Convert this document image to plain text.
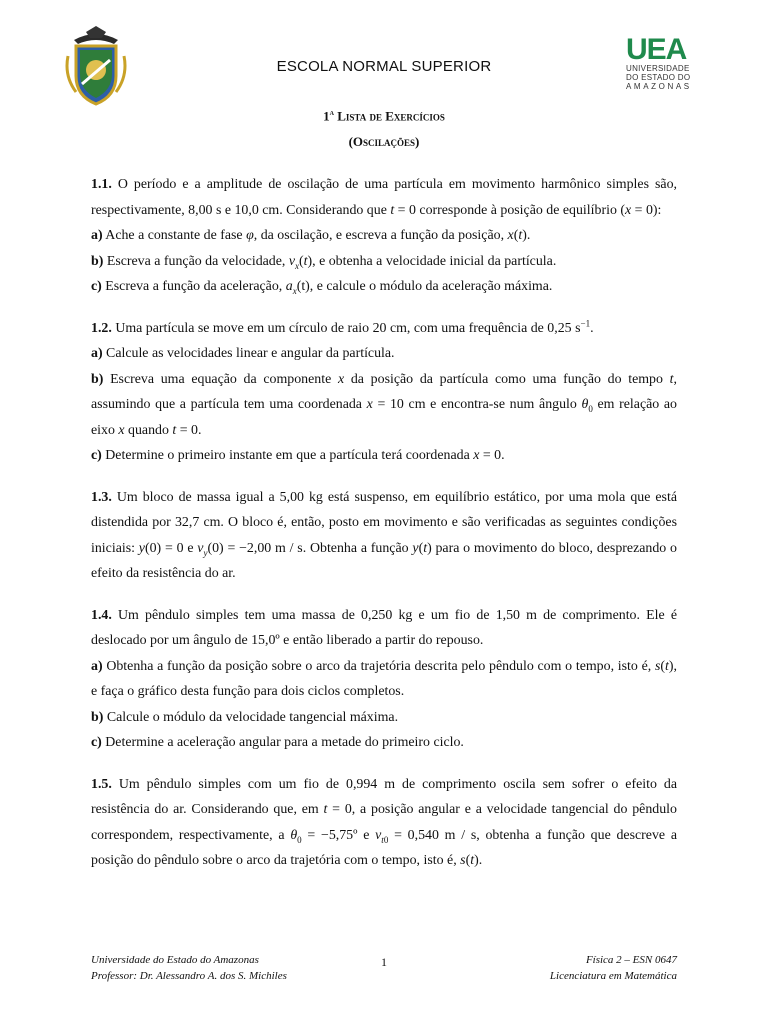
ESCOLA NORMAL SUPERIOR
UEA
UNIVERSIDADE
DO ESTADO DO
AMAZONAS
1$^a$ Lista de Exercícios
(Oscilações)

1.1. O período e a amplitude de oscilação de uma partícula em movimento harmônico simples são, respectivamente, 8,00 s e 10,0 cm. Considerando que t = 0 corresponde à posição de equilíbrio (x = 0):

a) Ache a constante de fase φ, da oscilação, e escreva a função da posição, x(t).

b) Escreva a função da velocidade, $v_x(t)$, e obtenha a velocidade inicial da partícula.

c) Escreva a função da aceleração, $a_x(t)$, e calcule o módulo da aceleração máxima.

1.2. Uma partícula se move em um círculo de raio 20 cm, com uma frequência de 0,25 $s^{-1}$.

a) Calcule as velocidades linear e angular da partícula.

b) Escreva uma equação da componente x da posição da partícula como uma função do tempo t, assumindo que a partícula tem uma coordenada x = 10 cm e encontra-se num ângulo $\theta_0$ em relação ao eixo x quando t = 0.

c) Determine o primeiro instante em que a partícula terá coordenada x = 0.

1.3. Um bloco de massa igual a 5,00 kg está suspenso, em equilíbrio estático, por uma mola que está distendida por 32,7 cm. O bloco é, então, posto em movimento e são verificadas as seguintes condições iniciais: y(0) = 0 e $v_y(0) = -2,00$ m / s. Obtenha a função y(t) para o movimento do bloco, desprezando o efeito da resistência do ar.

1.4. Um pêndulo simples tem uma massa de 0,250 kg e um fio de 1,50 m de comprimento. Ele é deslocado por um ângulo de 15,0º e então liberado a partir do repouso.

a) Obtenha a função da posição sobre o arco da trajetória descrita pelo pêndulo com o tempo, isto é, s(t), e faça o gráfico desta função para dois ciclos completos.

b) Calcule o módulo da velocidade tangencial máxima.

c) Determine a aceleração angular para a metade do primeiro ciclo.

1.5. Um pêndulo simples com um fio de 0,994 m de comprimento oscila sem sofrer o efeito da resistência do ar. Considerando que, em t = 0, a posição angular e a velocidade tangencial do pêndulo correspondem, respectivamente, a $\theta_0$ = −5,75º e $v_{t0} = 0,540$ m / s, obtenha a função que descreve a posição do pêndulo sobre o arco da trajetória com o tempo, isto é, s(t).

Universidade do Estado do Amazonas
Professor: Dr. Alessandro A. dos S. Michiles
1	Física 2 – ESN 0647
Licenciatura em Matemática
